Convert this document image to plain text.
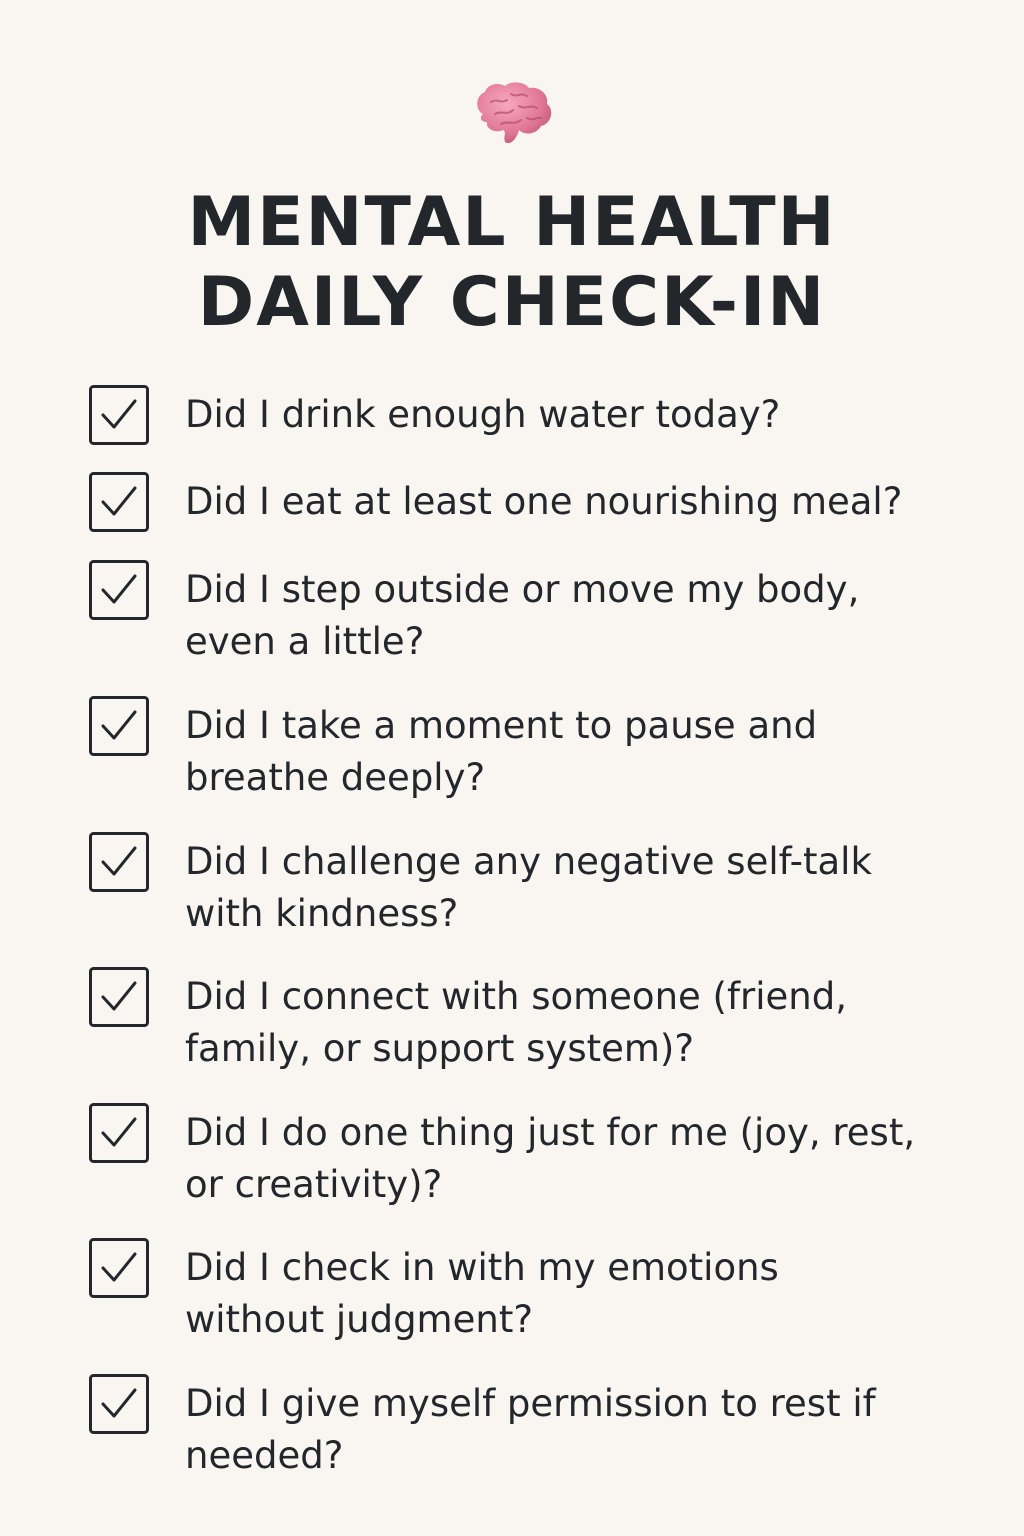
MENTAL HEALTH
DAILY CHECK-IN
Did I drink enough water today?
Did I eat at least one nourishing meal?
Did I step outside or move my body,
even a little?
Did I take a moment to pause and
breathe deeply?
Did I challenge any negative self-talk
with kindness?
Did I connect with someone (friend,
family, or support system)?
Did I do one thing just for me (joy, rest,
or creativity)?
Did I check in with my emotions
without judgment?
Did I give myself permission to rest if
needed?
